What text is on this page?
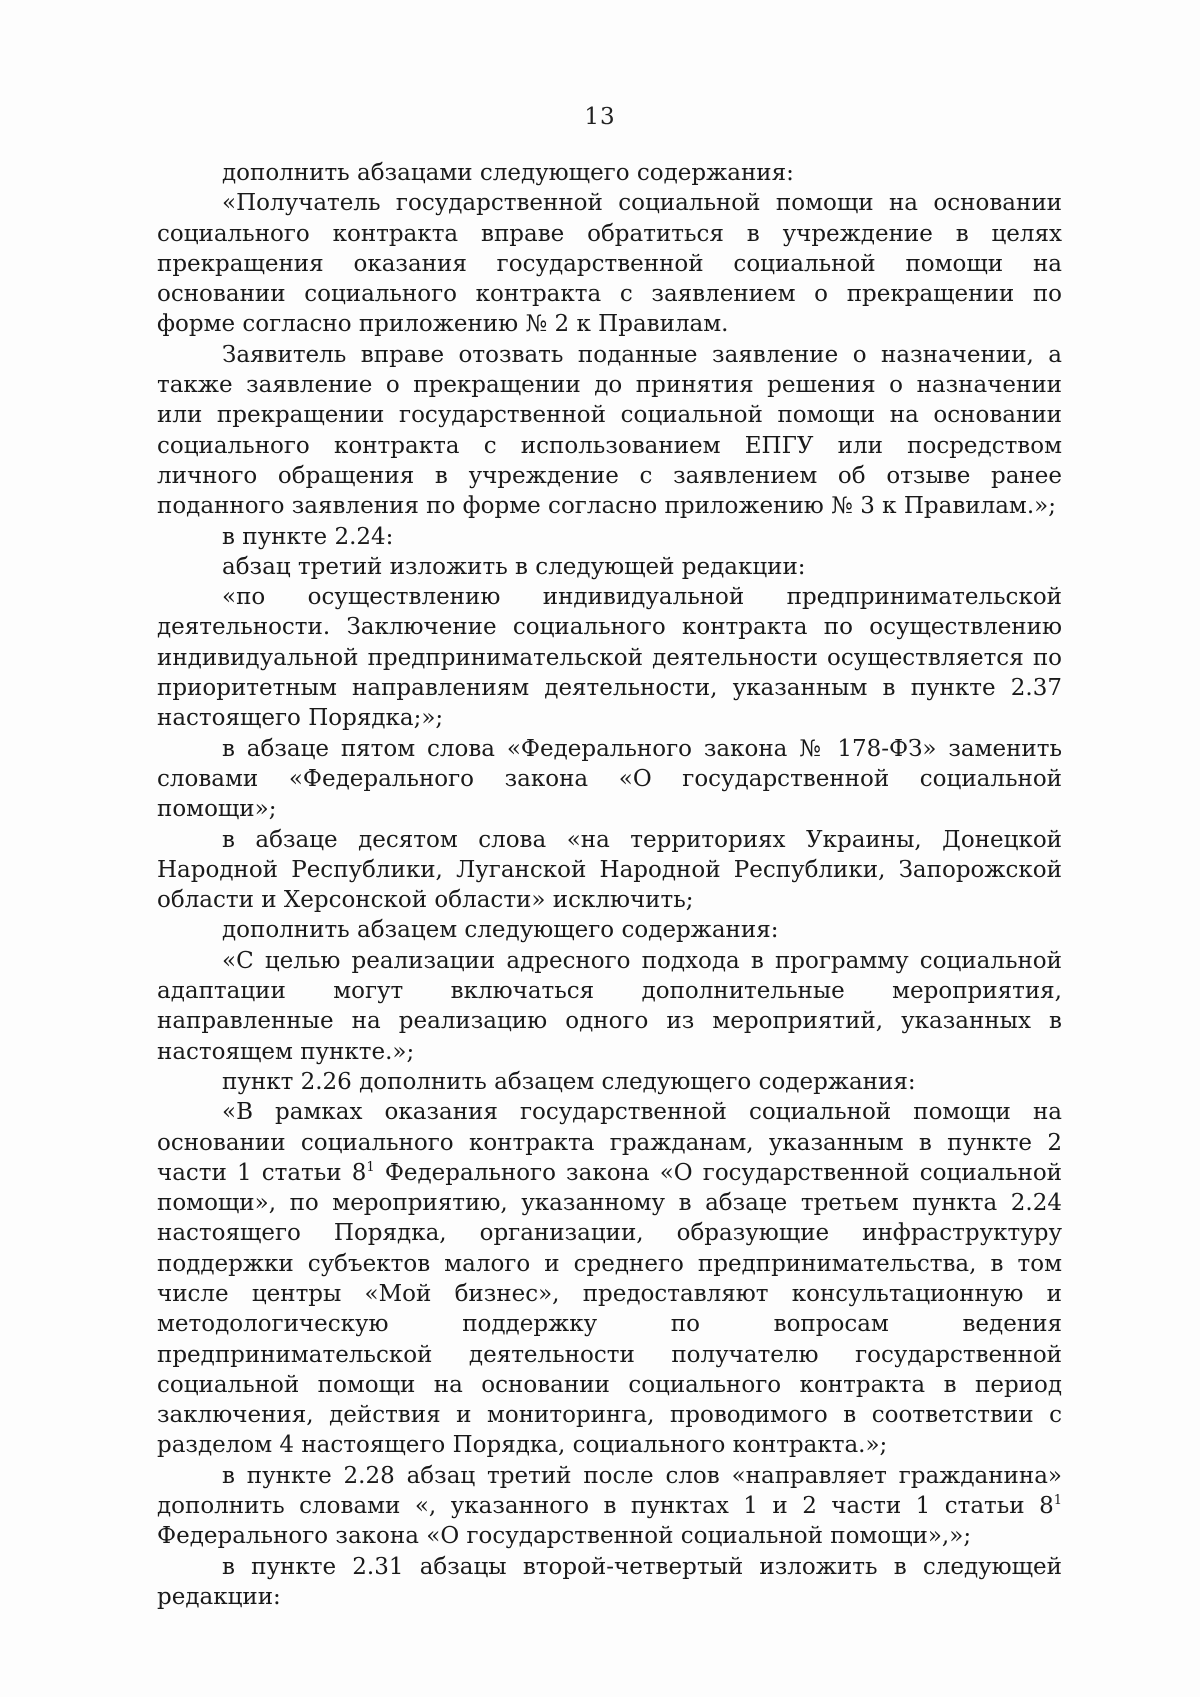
13

дополнить абзацами следующего содержания:

«Получатель государственной социальной помощи на основании социального контракта вправе обратиться в учреждение в целях прекращения оказания государственной социальной помощи на основании социального контракта с заявлением о прекращении по форме согласно приложению № 2 к Правилам.

Заявитель вправе отозвать поданные заявление о назначении, а также заявление о прекращении до принятия решения о назначении или прекращении государственной социальной помощи на основании социального контракта с использованием ЕПГУ или посредством личного обращения в учреждение с заявлением об отзыве ранее поданного заявления по форме согласно приложению № 3 к Правилам.»;

в пункте 2.24:

абзац третий изложить в следующей редакции:

«по осуществлению индивидуальной предпринимательской деятельности. Заключение социального контракта по осуществлению индивидуальной предпринимательской деятельности осуществляется по приоритетным направлениям деятельности, указанным в пункте 2.37 настоящего Порядка;»;

в абзаце пятом слова «Федерального закона № 178-ФЗ» заменить словами «Федерального закона «О государственной социальной помощи»;

в абзаце десятом слова «на территориях Украины, Донецкой Народной Республики, Луганской Народной Республики, Запорожской области и Херсонской области» исключить;

дополнить абзацем следующего содержания:

«С целью реализации адресного подхода в программу социальной адаптации могут включаться дополнительные мероприятия, направленные на реализацию одного из мероприятий, указанных в настоящем пункте.»;

пункт 2.26 дополнить абзацем следующего содержания:

«В рамках оказания государственной социальной помощи на основании социального контракта гражданам, указанным в пункте 2 части 1 статьи $8^1$ Федерального закона «О государственной социальной помощи», по мероприятию, указанному в абзаце третьем пункта 2.24 настоящего Порядка, организации, образующие инфраструктуру поддержки субъектов малого и среднего предпринимательства, в том числе центры «Мой бизнес», предоставляют консультационную и методологическую поддержку по вопросам ведения предпринимательской деятельности получателю государственной социальной помощи на основании социального контракта в период заключения, действия и мониторинга, проводимого в соответствии с разделом 4 настоящего Порядка, социального контракта.»;

в пункте 2.28 абзац третий после слов «направляет гражданина» дополнить словами «, указанного в пунктах 1 и 2 части 1 статьи $8^1$ Федерального закона «О государственной социальной помощи»,»;

в пункте 2.31 абзацы второй-четвертый изложить в следующей редакции:
